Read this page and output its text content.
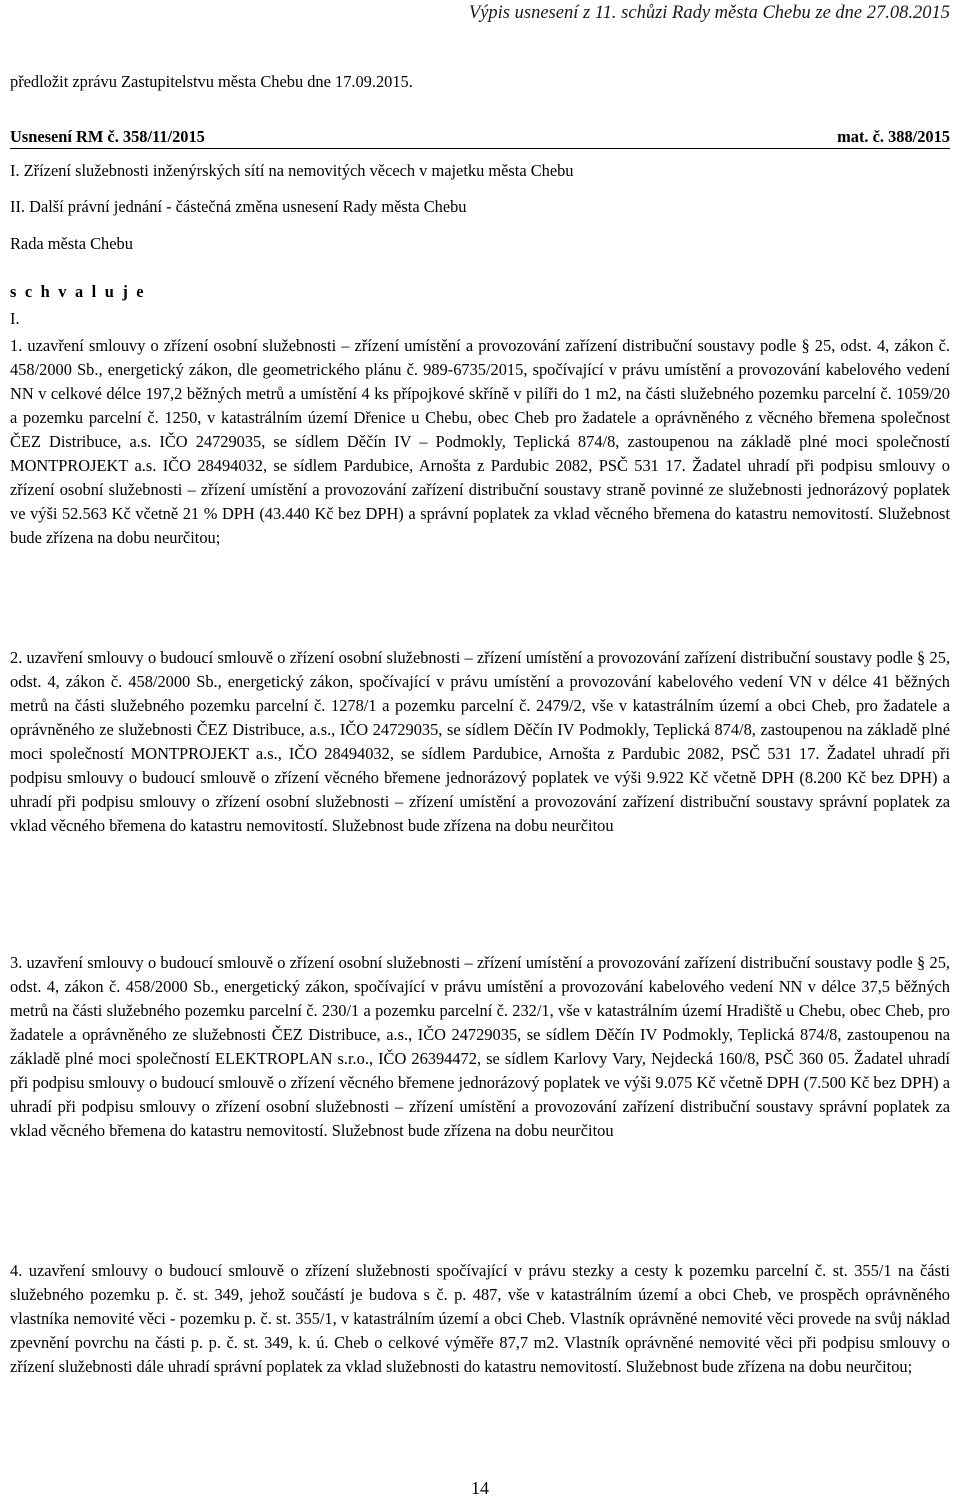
Výpis usnesení z 11. schůzi Rady města Chebu ze dne 27.08.2015
předložit zprávu Zastupitelstvu města Chebu dne 17.09.2015.
Usnesení RM č. 358/11/2015	mat. č. 388/2015
I. Zřízení služebnosti inženýrských sítí na nemovitých věcech v majetku města Chebu
II. Další právní jednání - částečná změna usnesení Rady města Chebu
Rada města Chebu
s c h v a l u j e
I.
1. uzavření smlouvy o zřízení osobní služebnosti – zřízení umístění a provozování zařízení distribuční soustavy podle § 25, odst. 4, zákon č. 458/2000 Sb., energetický zákon, dle geometrického plánu č. 989-6735/2015, spočívající v právu umístění a provozování kabelového vedení NN v celkové délce 197,2 běžných metrů a umístění 4 ks přípojkové skříně v pilíři do 1 m2, na části služebného pozemku parcelní č. 1059/20 a pozemku parcelní č. 1250, v katastrálním území Dřenice u Chebu, obec Cheb pro žadatele a oprávněného z věcného břemena společnost ČEZ Distribuce, a.s. IČO 24729035, se sídlem Děčín IV – Podmokly, Teplická 874/8, zastoupenou na základě plné moci společností MONTPROJEKT a.s. IČO 28494032, se sídlem Pardubice, Arnošta z Pardubic 2082, PSČ 531 17. Žadatel uhradí při podpisu smlouvy o zřízení osobní služebnosti – zřízení umístění a provozování zařízení distribuční soustavy straně povinné ze služebnosti jednorázový poplatek ve výši 52.563 Kč včetně 21 % DPH (43.440 Kč bez DPH) a správní poplatek za vklad věcného břemena do katastru nemovitostí. Služebnost bude zřízena na dobu neurčitou;
2. uzavření smlouvy o budoucí smlouvě o zřízení osobní služebnosti – zřízení umístění a provozování zařízení distribuční soustavy podle § 25, odst. 4, zákon č. 458/2000 Sb., energetický zákon, spočívající v právu umístění a provozování kabelového vedení VN v délce 41 běžných metrů na části služebného pozemku parcelní č. 1278/1 a pozemku parcelní č. 2479/2, vše v katastrálním území a obci Cheb, pro žadatele a oprávněného ze služebnosti ČEZ Distribuce, a.s., IČO 24729035, se sídlem Děčín IV Podmokly, Teplická 874/8, zastoupenou na základě plné moci společností MONTPROJEKT a.s., IČO 28494032, se sídlem Pardubice, Arnošta z Pardubic 2082, PSČ 531 17. Žadatel uhradí při podpisu smlouvy o budoucí smlouvě o zřízení věcného břemene jednorázový poplatek ve výši 9.922 Kč včetně DPH (8.200 Kč bez DPH) a uhradí při podpisu smlouvy o zřízení osobní služebnosti – zřízení umístění a provozování zařízení distribuční soustavy správní poplatek za vklad věcného břemena do katastru nemovitostí. Služebnost bude zřízena na dobu neurčitou
3. uzavření smlouvy o budoucí smlouvě o zřízení osobní služebnosti – zřízení umístění a provozování zařízení distribuční soustavy podle § 25, odst. 4, zákon č. 458/2000 Sb., energetický zákon, spočívající v právu umístění a provozování kabelového vedení NN v délce 37,5 běžných metrů na části služebného pozemku parcelní č. 230/1 a pozemku parcelní č. 232/1, vše v katastrálním území Hradiště u Chebu, obec Cheb, pro žadatele a oprávněného ze služebnosti ČEZ Distribuce, a.s., IČO 24729035, se sídlem Děčín IV Podmokly, Teplická 874/8, zastoupenou na základě plné moci společností ELEKTROPLAN s.r.o., IČO 26394472, se sídlem Karlovy Vary, Nejdecká 160/8, PSČ 360 05. Žadatel uhradí při podpisu smlouvy o budoucí smlouvě o zřízení věcného břemene jednorázový poplatek ve výši 9.075 Kč včetně DPH (7.500 Kč bez DPH) a uhradí při podpisu smlouvy o zřízení osobní služebnosti – zřízení umístění a provozování zařízení distribuční soustavy správní poplatek za vklad věcného břemena do katastru nemovitostí. Služebnost bude zřízena na dobu neurčitou
4. uzavření smlouvy o budoucí smlouvě o zřízení služebnosti spočívající v právu stezky a cesty k pozemku parcelní č. st. 355/1 na části služebného pozemku p. č. st. 349, jehož součástí je budova s č. p. 487, vše v katastrálním území a obci Cheb, ve prospěch oprávněného vlastníka nemovité věci - pozemku p. č. st. 355/1, v katastrálním území a obci Cheb. Vlastník oprávněné nemovité věci provede na svůj náklad zpevnění povrchu na části p. p. č. st. 349, k. ú. Cheb o celkové výměře 87,7 m2. Vlastník oprávněné nemovité věci při podpisu smlouvy o zřízení služebnosti dále uhradí správní poplatek za vklad služebnosti do katastru nemovitostí. Služebnost bude zřízena na dobu neurčitou;
14
